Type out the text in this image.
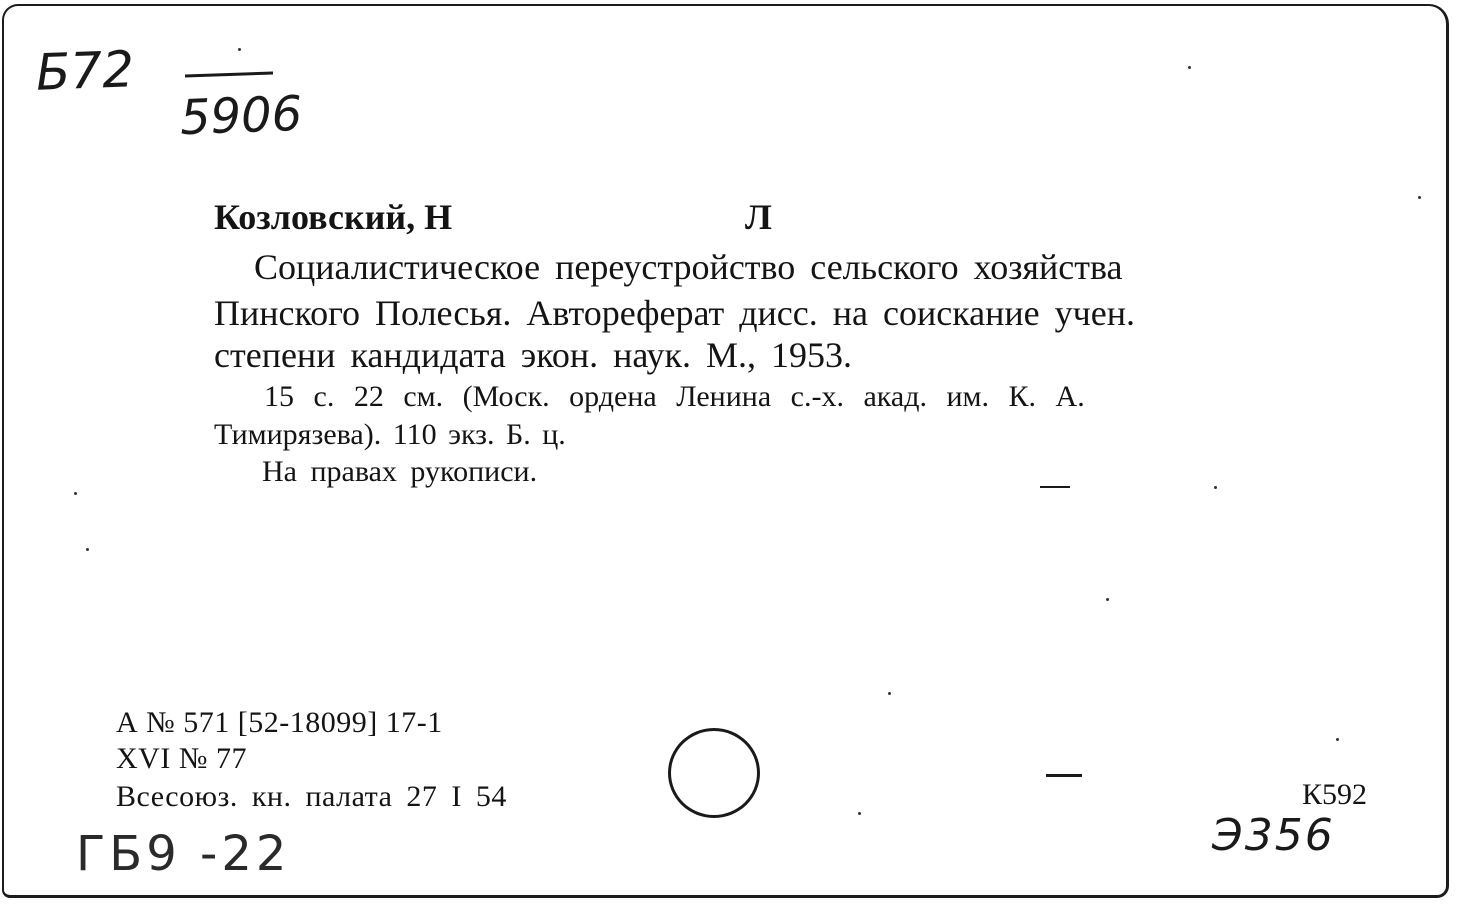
Б72
5906
Козловский, Н	Л
Социалистическое переустройство сельского хозяйства
Пинского Полесья. Автореферат дисс. на соискание учен.
степени кандидата экон. наук. М., 1953.
15 с. 22 см. (Моск. ордена Ленина с.-х. акад. им. К. А.
Тимирязева). 110 экз. Б. ц.
На правах рукописи.
А № 571 [52-18099] 17-1
XVI № 77
Всесоюз. кн. палата 27 I 54	К592
ГБ9 -22	Э356
